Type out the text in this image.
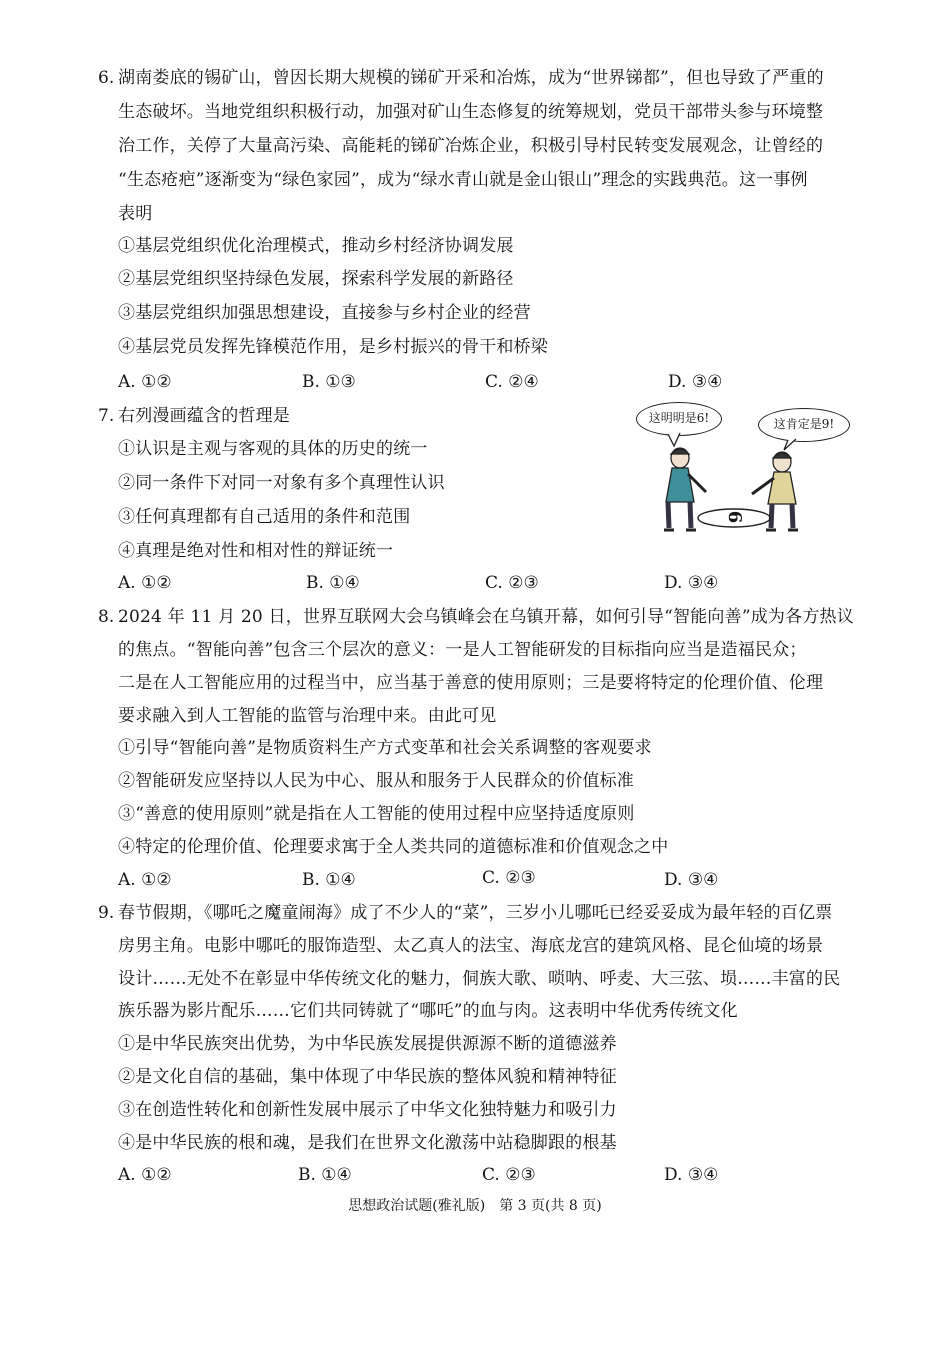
6. 湖南娄底的锡矿山，曾因长期大规模的锑矿开采和冶炼，成为“世界锑都”，但也导致了严重的
生态破坏。当地党组织积极行动，加强对矿山生态修复的统筹规划，党员干部带头参与环境整
治工作，关停了大量高污染、高能耗的锑矿冶炼企业，积极引导村民转变发展观念，让曾经的
“生态疮疤”逐渐变为“绿色家园”，成为“绿水青山就是金山银山”理念的实践典范。这一事例
表明
①基层党组织优化治理模式，推动乡村经济协调发展
②基层党组织坚持绿色发展，探索科学发展的新路径
③基层党组织加强思想建设，直接参与乡村企业的经营
④基层党员发挥先锋模范作用，是乡村振兴的骨干和桥梁
A. ①②	B. ①③	C. ②④	D. ③④
7. 右列漫画蕴含的哲理是
①认识是主观与客观的具体的历史的统一
②同一条件下对同一对象有多个真理性认识
③任何真理都有自己适用的条件和范围
④真理是绝对性和相对性的辩证统一
A. ①②	B. ①④	C. ②③	D. ③④
这明明是6!	这肯定是9!
6
8. 2024 年 11 月 20 日，世界互联网大会乌镇峰会在乌镇开幕，如何引导“智能向善”成为各方热议
的焦点。“智能向善”包含三个层次的意义：一是人工智能研发的目标指向应当是造福民众；
二是在人工智能应用的过程当中，应当基于善意的使用原则；三是要将特定的伦理价值、伦理
要求融入到人工智能的监管与治理中来。由此可见
①引导“智能向善”是物质资料生产方式变革和社会关系调整的客观要求
②智能研发应坚持以人民为中心、服从和服务于人民群众的价值标准
③“善意的使用原则”就是指在人工智能的使用过程中应坚持适度原则
④特定的伦理价值、伦理要求寓于全人类共同的道德标准和价值观念之中
A. ①②	B. ①④	C. ②③	D. ③④
9. 春节假期，《哪吒之魔童闹海》成了不少人的“菜”，三岁小儿哪吒已经妥妥成为最年轻的百亿票
房男主角。电影中哪吒的服饰造型、太乙真人的法宝、海底龙宫的建筑风格、昆仑仙境的场景
设计……无处不在彰显中华传统文化的魅力，侗族大歌、唢呐、呼麦、大三弦、埙……丰富的民
族乐器为影片配乐……它们共同铸就了“哪吒”的血与肉。这表明中华优秀传统文化
①是中华民族突出优势，为中华民族发展提供源源不断的道德滋养
②是文化自信的基础，集中体现了中华民族的整体风貌和精神特征
③在创造性转化和创新性发展中展示了中华文化独特魅力和吸引力
④是中华民族的根和魂，是我们在世界文化激荡中站稳脚跟的根基
A. ①②	B. ①④	C. ②③	D. ③④
思想政治试题(雅礼版)　第 3 页(共 8 页)
